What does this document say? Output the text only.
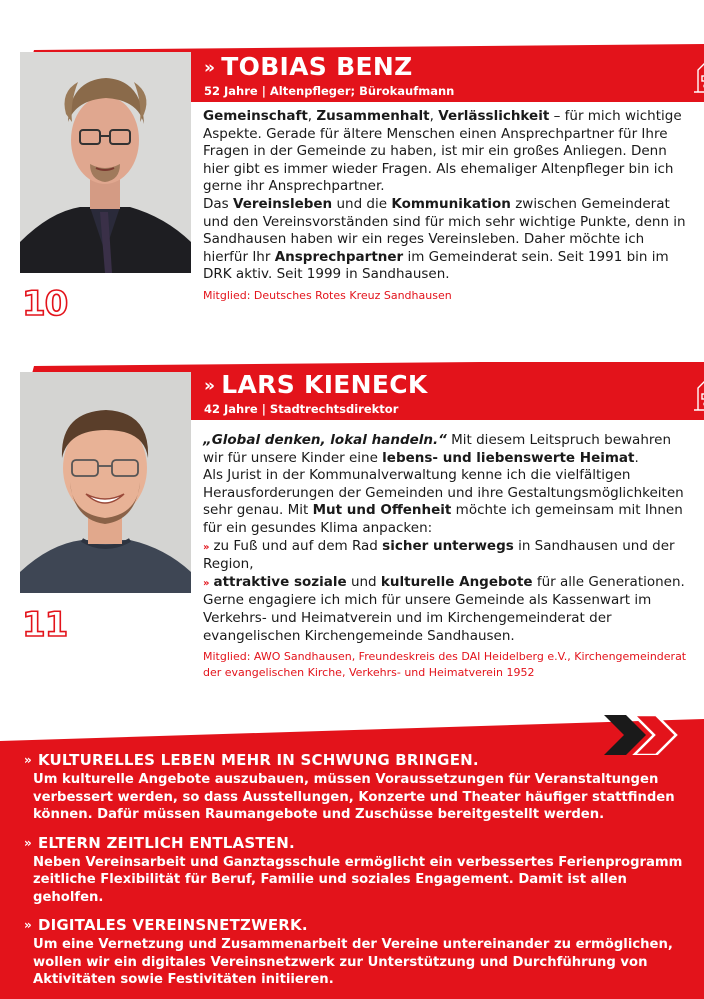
» TOBIAS BENZ
52 Jahre | Altenpfleger; Bürokaufmann
10

Gemeinschaft, Zusammenhalt, Verlässlichkeit – für mich wichtige Aspekte. Gerade für ältere Menschen einen Ansprechpartner für Ihre Fragen in der Gemeinde zu haben, ist mir ein großes Anliegen. Denn hier gibt es immer wieder Fragen. Als ehemaliger Altenpfleger bin ich gerne ihr Ansprechpartner.

Das Vereinsleben und die Kommunikation zwischen Gemeinderat und den Vereinsvorständen sind für mich sehr wichtige Punkte, denn in Sandhausen haben wir ein reges Vereinsleben. Daher möchte ich hierfür Ihr Ansprechpartner im Gemeinderat sein. Seit 1991 bin im DRK aktiv. Seit 1999 in Sandhausen.

Mitglied: Deutsches Rotes Kreuz Sandhausen

» LARS KIENECK
42 Jahre | Stadtrechtsdirektor
11

„Global denken, lokal handeln.“ Mit diesem Leitspruch bewahren wir für unsere Kinder eine lebens- und liebenswerte Heimat.

Als Jurist in der Kommunalverwaltung kenne ich die vielfältigen Herausforderungen der Gemeinden und ihre Gestaltungsmöglichkeiten sehr genau. Mit Mut und Offenheit möchte ich gemeinsam mit Ihnen für ein gesundes Klima anpacken:

» zu Fuß und auf dem Rad sicher unterwegs in Sandhausen und der Region,

» attraktive soziale und kulturelle Angebote für alle Generationen.

Gerne engagiere ich mich für unsere Gemeinde als Kassenwart im Verkehrs- und Heimatverein und im Kirchengemeinderat der evangelischen Kirchengemeinde Sandhausen.

Mitglied: AWO Sandhausen, Freundeskreis des DAI Heidelberg e.V., Kirchengemeinderat der evangelischen Kirche, Verkehrs- und Heimatverein 1952

» KULTURELLES LEBEN MEHR IN SCHWUNG BRINGEN.

Um kulturelle Angebote auszubauen, müssen Voraussetzungen für Veranstaltungen verbessert werden, so dass Ausstellungen, Konzerte und Theater häufiger stattfinden können. Dafür müssen Raumangebote und Zuschüsse bereitgestellt werden.

» ELTERN ZEITLICH ENTLASTEN.

Neben Vereinsarbeit und Ganztagsschule ermöglicht ein verbessertes Ferienprogramm zeitliche Flexibilität für Beruf, Familie und soziales Engagement. Damit ist allen geholfen.

» DIGITALES VEREINSNETZWERK.

Um eine Vernetzung und Zusammenarbeit der Vereine untereinander zu ermöglichen, wollen wir ein digitales Vereinsnetzwerk zur Unterstützung und Durchführung von Aktivitäten sowie Festivitäten initiieren.
